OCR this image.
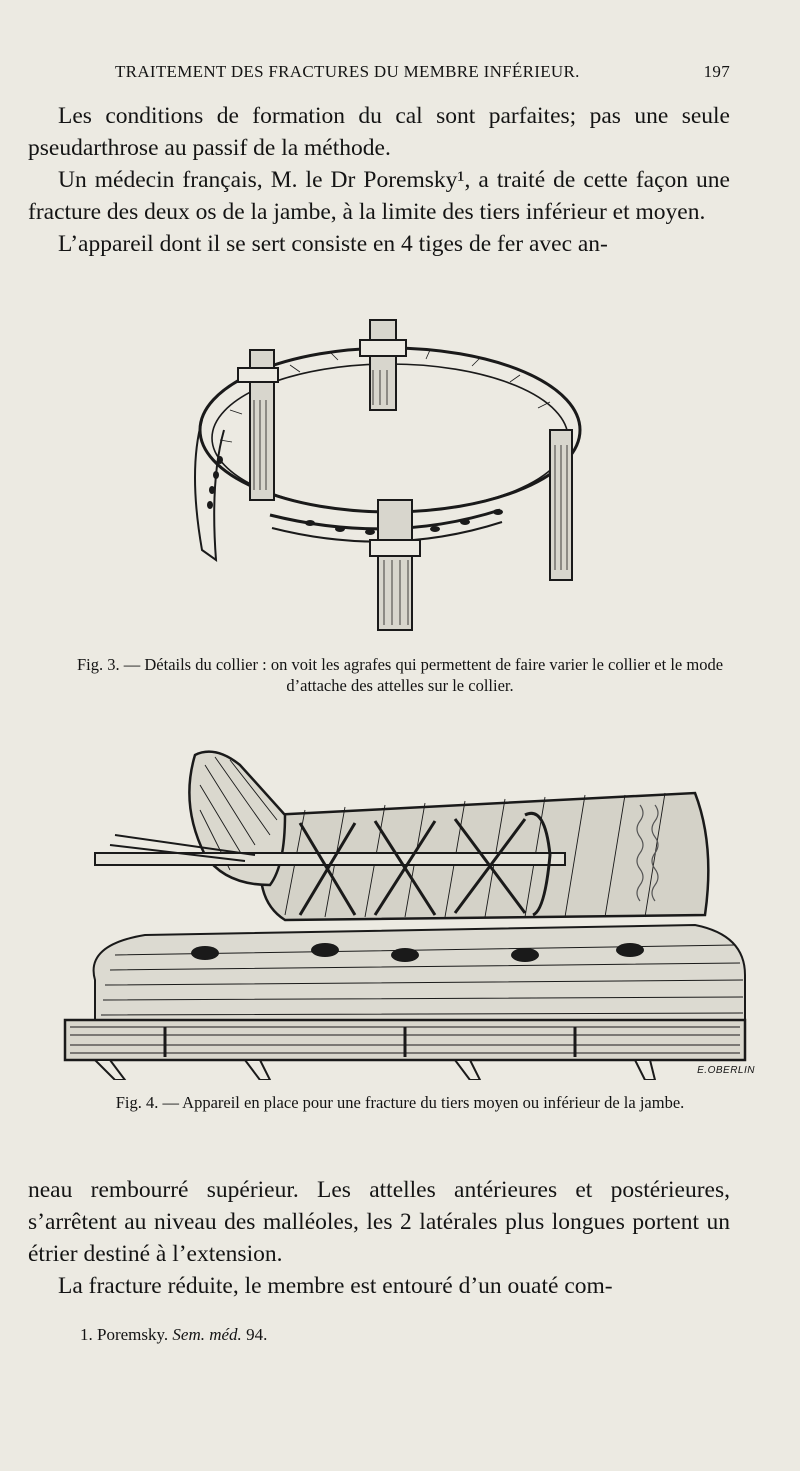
TRAITEMENT DES FRACTURES DU MEMBRE INFÉRIEUR.	197

Les conditions de formation du cal sont parfaites; pas une seule pseudarthrose au passif de la méthode.

Un médecin français, M. le Dr Poremsky¹, a traité de cette façon une fracture des deux os de la jambe, à la limite des tiers inférieur et moyen.

L’appareil dont il se sert consiste en 4 tiges de fer avec an-

Fig. 3. — Détails du collier : on voit les agrafes qui permettent de faire varier le collier et le mode d’attache des attelles sur le collier.
E.OBERLIN
Fig. 4. — Appareil en place pour une fracture du tiers moyen ou inférieur de la jambe.

neau rembourré supérieur. Les attelles antérieures et postérieures, s’arrêtent au niveau des malléoles, les 2 latérales plus longues portent un étrier destiné à l’extension.

La fracture réduite, le membre est entouré d’un ouaté com-

1. Poremsky. Sem. méd. 94.
